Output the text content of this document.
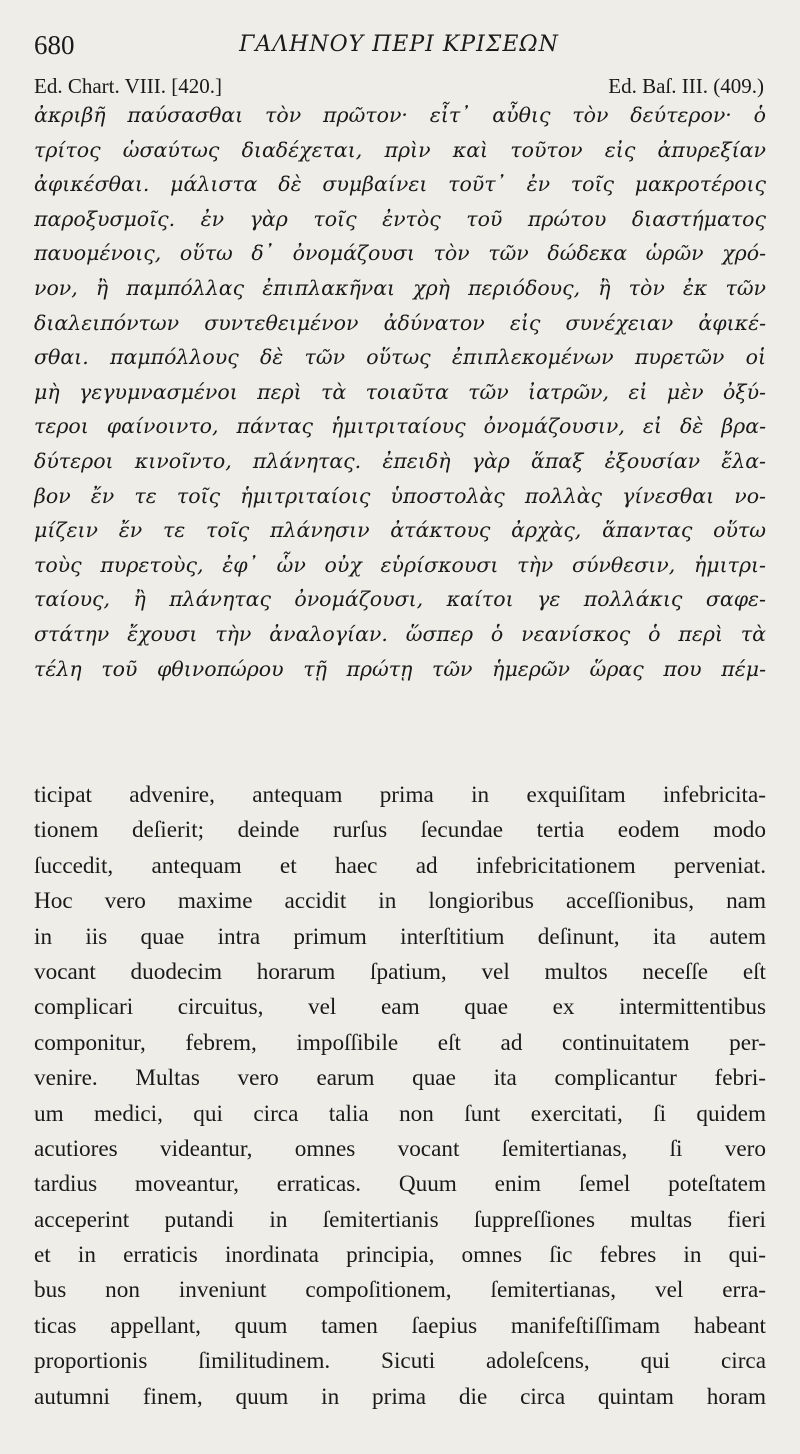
680	ΓΑΛΗΝΟΥ ΠΕΡΙ ΚΡΙΣΕΩΝ
Ed. Chart. VIII. [420.]	Ed. Baſ. III. (409.)
ἀκριβῆ παύσασθαι τὸν πρῶτον· εἶτ᾽ αὖθις τὸν δεύτερον· ὁ
τρίτος ὡσαύτως διαδέχεται, πρὶν καὶ τοῦτον εἰς ἀπυρεξίαν
ἀφικέσθαι. μάλιστα δὲ συμβαίνει τοῦτ᾽ ἐν τοῖς μακροτέροις
παροξυσμοῖς. ἐν γὰρ τοῖς ἐντὸς τοῦ πρώτου διαστήματος
παυομένοις, οὕτω δ᾽ ὀνομάζουσι τὸν τῶν δώδεκα ὡρῶν χρό-
νον, ἢ παμπόλλας ἐπιπλακῆναι χρὴ περιόδους, ἢ τὸν ἐκ τῶν
διαλειπόντων συντεθειμένον ἀδύνατον εἰς συνέχειαν ἀφικέ-
σθαι. παμπόλλους δὲ τῶν οὕτως ἐπιπλεκομένων πυρετῶν οἱ
μὴ γεγυμνασμένοι περὶ τὰ τοιαῦτα τῶν ἰατρῶν, εἰ μὲν ὀξύ-
τεροι φαίνοιντο, πάντας ἡμιτριταίους ὀνομάζουσιν, εἰ δὲ βρα-
δύτεροι κινοῖντο, πλάνητας. ἐπειδὴ γὰρ ἅπαξ ἐξουσίαν ἔλα-
βον ἔν τε τοῖς ἡμιτριταίοις ὑποστολὰς πολλὰς γίνεσθαι νο-
μίζειν ἔν τε τοῖς πλάνησιν ἀτάκτους ἀρχὰς, ἅπαντας οὕτω
τοὺς πυρετοὺς, ἐφ᾽ ὧν οὐχ εὑρίσκουσι τὴν σύνθεσιν, ἡμιτρι-
ταίους, ἢ πλάνητας ὀνομάζουσι, καίτοι γε πολλάκις σαφε-
στάτην ἔχουσι τὴν ἀναλογίαν. ὥσπερ ὁ νεανίσκος ὁ περὶ τὰ
τέλη τοῦ φθινοπώρου τῇ πρώτῃ τῶν ἡμερῶν ὥρας που πέμ-
ticipat advenire, antequam prima in exquiſitam infebricita-
tionem deſierit; deinde rurſus ſecundae tertia eodem modo
ſuccedit, antequam et haec ad infebricitationem perveniat.
Hoc vero maxime accidit in longioribus acceſſionibus, nam
in iis quae intra primum interſtitium deſinunt, ita autem
vocant duodecim horarum ſpatium, vel multos neceſſe eſt
complicari circuitus, vel eam quae ex intermittentibus
componitur, febrem, impoſſibile eſt ad continuitatem per-
venire. Multas vero earum quae ita complicantur febri-
um medici, qui circa talia non ſunt exercitati, ſi quidem
acutiores videantur, omnes vocant ſemitertianas, ſi vero
tardius moveantur, erraticas. Quum enim ſemel poteſtatem
acceperint putandi in ſemitertianis ſuppreſſiones multas fieri
et in erraticis inordinata principia, omnes ſic febres in qui-
bus non inveniunt compoſitionem, ſemitertianas, vel erra-
ticas appellant, quum tamen ſaepius manifeſtiſſimam habeant
proportionis ſimilitudinem. Sicuti adoleſcens, qui circa
autumni finem, quum in prima die circa quintam horam
